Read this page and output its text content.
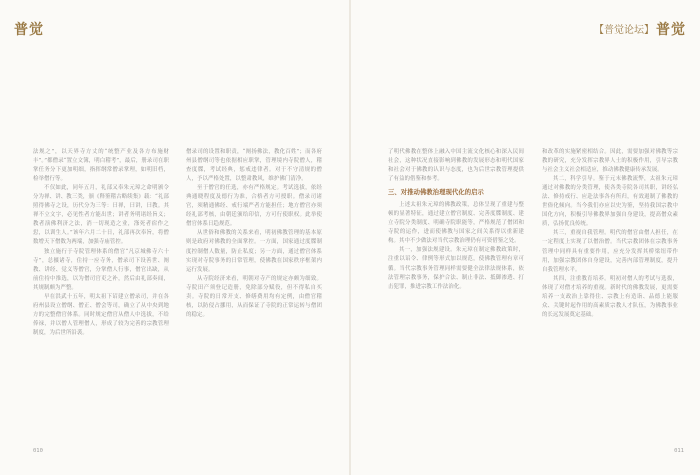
普觉

法规之”，以天界寺方丈的“统整产业及各方布施财丰”。”都僧录“置立文簿，明白稽考”，最后，册录司在职掌任务分下更加明细，指挥纲常僧录掌理，如明旧档，检举僧行等。

不仅如此，同年五月，礼部又奉朱元璋之命明颁令分为禅、讲、教三类，颁《释鉴稽古略续集》载：“礼部照得佛寺之设，历代分为三等：曰禅，曰讲，曰教。其禅不立文字，必见性者方能出世；讲者务明诸经旨义；教者演佛利济之法，消一切现造之业，涤死者宿作之愆，以训生人。”该年六月二十日，礼部再次奉旨，将僧数增天下僧数为两端，加强寺庙管控。

独立施行于寺院管理体系的僧官“凡京城佛寺六十寺”，总摄诸寺，住持一应寺务，僧录司下设善世、阐教、讲经、觉义等僧官，分掌僧人行事，僧官出缺，从前住持中推选，以为僧司官吏之补，然后由礼部奏闻，其规制颇为严整。

早在洪武十五年，明太祖下诏建立僧录司，并在各府州县设立僧纲、僧正、僧会等司，确立了从中央到地方的完整僧官体系。同时规定僧官从僧人中选拔，不给俸禄，并以僧人管理僧人，形成了较为完善的宗教管理制度，为后世所沿袭。

僧录司的设置和职责，“阐扬佛法，教化百姓”；而各府州县僧纲司等也依据相应职掌，管理境内寺院僧人，稽查度牒，考试经典，惩戒违律者。对于不守清规的僧人，予以严格处置，以整肃教风，维护佛门清净。

至于僧官的任选，亦有严格规定。考试选拔，依经典通晓程度及德行为准，合格者方可授职。僧录司诸官，须精通佛经、戒行端严者方能担任；地方僧官亦须经礼部考核，由朝廷颁给印信，方可行使职权。此举使僧官体系日趋规范。

从世俗和佛教的关系来看，明初佛教管理的基本原则是政府对佛教的全面掌控。一方面，国家通过度牒制度控制僧人数量，防止私度；另一方面，通过僧官体系实现对寺院事务的日常管理，使佛教在国家秩序框架内运行发展。

从寺院经济来看，明朝对寺产的规定亦颇为细致。寺院田产须登记造册，免除部分赋役，但不得私自买卖。寺院的日常开支、修缮费用均有定例，由僧官稽核，以防侵占挪用，从而保证了寺院的正常运转与僧团的稳定。

010
【普觉论坛】 普觉

了明代佛教在整体上融入中国主流文化核心和深入民间社会，这种状况直接影响到佛教的发展形态和明代国家和社会对于佛教的认识与态度，也为后世宗教管理提供了有益的借鉴和参考。

三、对推动佛教治理现代化的启示

上述太祖朱元璋的佛教政策，总体呈现了重建与整顿的显著特征，通过建立僧官制度、完善度牒制度、建立寺院分类制度、明确寺院职能等，严格规范了僧团和寺院的运作，进而使佛教与国家之间关系得以重新建构。其中不少做法对当代宗教治理仍有可资借鉴之处。

其一，加强法规建设。朱元璋在制定佛教政策时，注重以诏令、律例等形式加以规范，使佛教管理有章可循。当代宗教事务管理同样需要健全法律法规体系，依法管理宗教事务，保护合法、制止非法、抵御渗透、打击犯罪，推进宗教工作法治化。

和改革的实施紧密相结合。因此，需要加强对佛教等宗教的研究，充分发挥宗教界人士的积极作用，引导宗教与社会主义社会相适应，推动佛教健康传承发展。

其二，科学引导。鉴于元末佛教流弊，太祖朱元璋通过对佛教的分类管理，使各类寺院各司其职，讲经弘法、修持戒行、应赴法事各有所归，有效遏制了佛教的世俗化倾向。当今我们亦应以史为鉴，坚持我国宗教中国化方向，积极引导佛教界加强自身建设，提高僧众素质，弘扬优良传统。

其三，重视自我管理。明代的僧官由僧人担任，在一定程度上实现了以僧治僧。当代宗教团体在宗教事务管理中同样具有重要作用，应充分发挥其桥梁纽带作用，加强宗教团体自身建设，完善内部管理制度，提升自我管理水平。

其四，注重教育培养。明初对僧人的考试与选拔，体现了对僧才培养的重视。新时代的佛教发展，更需要培养一支政治上靠得住、宗教上有造诣、品德上能服众、关键时起作用的高素质宗教人才队伍，为佛教事业的长远发展奠定基础。

011
